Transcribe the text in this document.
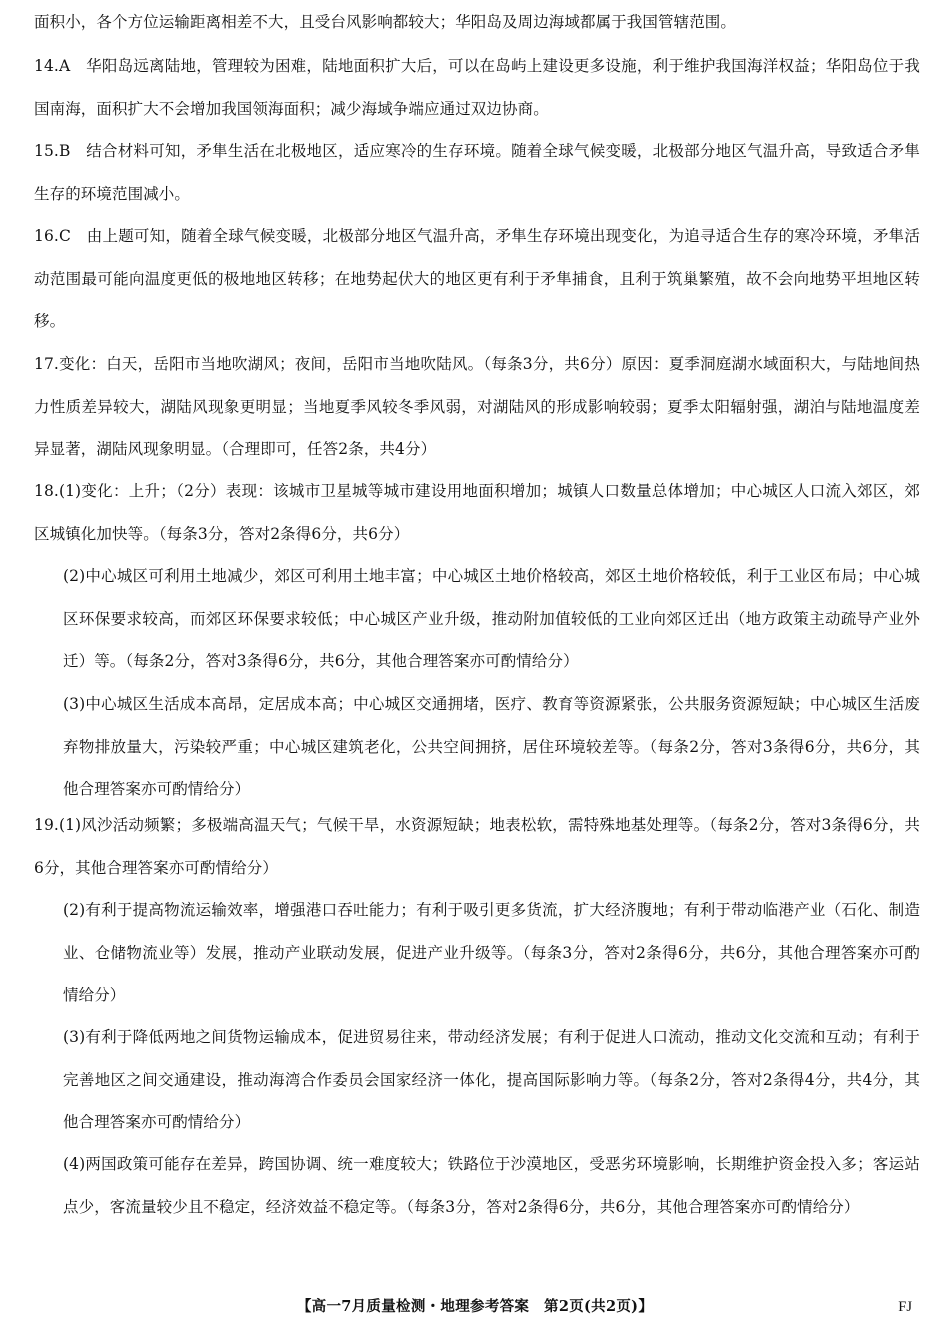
面积小，各个方位运输距离相差不大，且受台风影响都较大；华阳岛及周边海域都属于我国管辖范围。
14.A　华阳岛远离陆地，管理较为困难，陆地面积扩大后，可以在岛屿上建设更多设施，利于维护我国海洋权益；华阳岛位于我国南海，面积扩大不会增加我国领海面积；减少海域争端应通过双边协商。
15.B　结合材料可知，矛隼生活在北极地区，适应寒冷的生存环境。随着全球气候变暖，北极部分地区气温升高，导致适合矛隼生存的环境范围减小。
16.C　由上题可知，随着全球气候变暖，北极部分地区气温升高，矛隼生存环境出现变化，为追寻适合生存的寒冷环境，矛隼活动范围最可能向温度更低的极地地区转移；在地势起伏大的地区更有利于矛隼捕食，且利于筑巢繁殖，故不会向地势平坦地区转移。
17.变化：白天，岳阳市当地吹湖风；夜间，岳阳市当地吹陆风。（每条3分，共6分）原因：夏季洞庭湖水域面积大，与陆地间热力性质差异较大，湖陆风现象更明显；当地夏季风较冬季风弱，对湖陆风的形成影响较弱；夏季太阳辐射强，湖泊与陆地温度差异显著，湖陆风现象明显。（合理即可，任答2条，共4分）
18.(1)变化：上升；（2分）表现：该城市卫星城等城市建设用地面积增加；城镇人口数量总体增加；中心城区人口流入郊区，郊区城镇化加快等。（每条3分，答对2条得6分，共6分）
(2)中心城区可利用土地减少，郊区可利用土地丰富；中心城区土地价格较高，郊区土地价格较低，利于工业区布局；中心城区环保要求较高，而郊区环保要求较低；中心城区产业升级，推动附加值较低的工业向郊区迁出（地方政策主动疏导产业外迁）等。（每条2分，答对3条得6分，共6分，其他合理答案亦可酌情给分）
(3)中心城区生活成本高昂，定居成本高；中心城区交通拥堵，医疗、教育等资源紧张，公共服务资源短缺；中心城区生活废弃物排放量大，污染较严重；中心城区建筑老化，公共空间拥挤，居住环境较差等。（每条2分，答对3条得6分，共6分，其他合理答案亦可酌情给分）
19.(1)风沙活动频繁；多极端高温天气；气候干旱，水资源短缺；地表松软，需特殊地基处理等。（每条2分，答对3条得6分，共6分，其他合理答案亦可酌情给分）
(2)有利于提高物流运输效率，增强港口吞吐能力；有利于吸引更多货流，扩大经济腹地；有利于带动临港产业（石化、制造业、仓储物流业等）发展，推动产业联动发展，促进产业升级等。（每条3分，答对2条得6分，共6分，其他合理答案亦可酌情给分）
(3)有利于降低两地之间货物运输成本，促进贸易往来，带动经济发展；有利于促进人口流动，推动文化交流和互动；有利于完善地区之间交通建设，推动海湾合作委员会国家经济一体化，提高国际影响力等。（每条2分，答对2条得4分，共4分，其他合理答案亦可酌情给分）
(4)两国政策可能存在差异，跨国协调、统一难度较大；铁路位于沙漠地区，受恶劣环境影响，长期维护资金投入多；客运站点少，客流量较少且不稳定，经济效益不稳定等。（每条3分，答对2条得6分，共6分，其他合理答案亦可酌情给分）
【高一7月质量检测・地理参考答案　第2页(共2页)】	FJ
